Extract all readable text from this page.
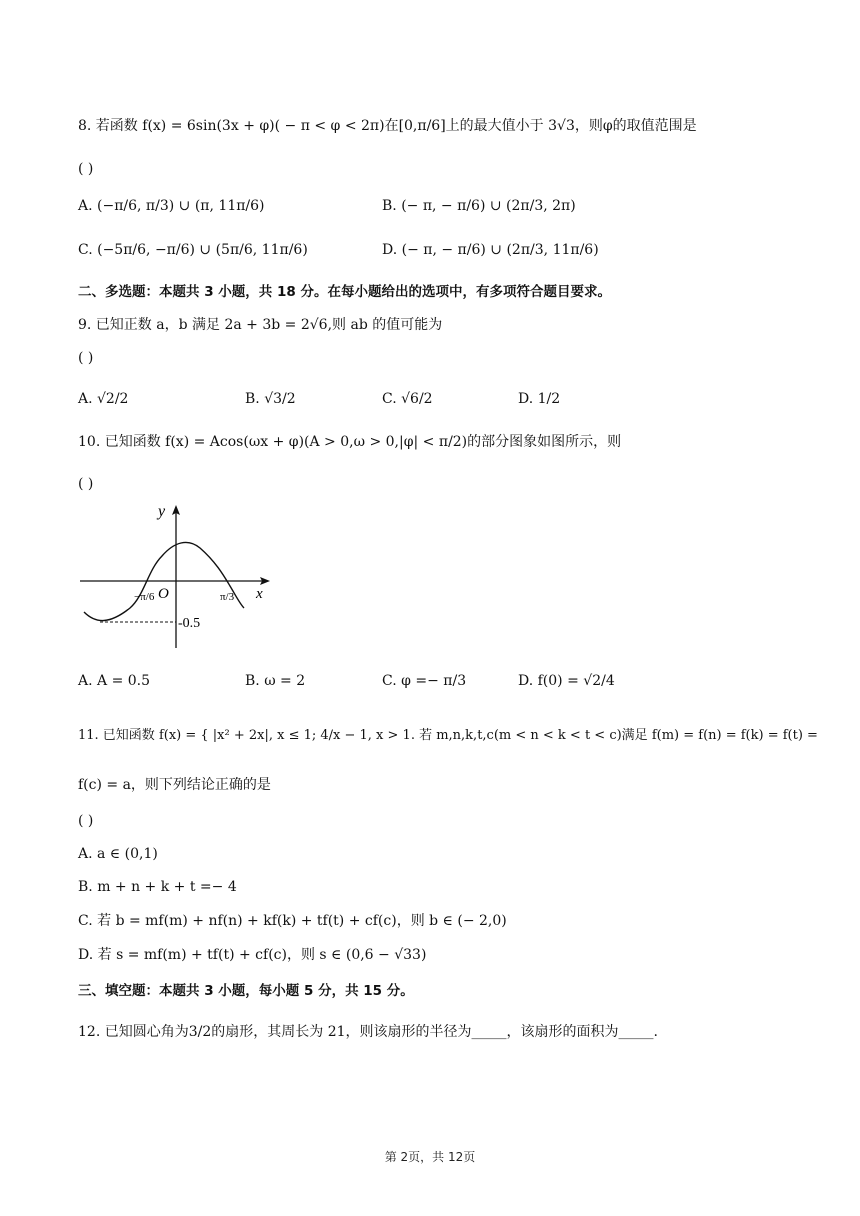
8. 若函数 f(x) = 6sin(3x + φ)( − π < φ < 2π)在[0,π/6]上的最大值小于 3√3，则φ的取值范围是
( )
A. (−π/6, π/3) ∪ (π, 11π/6)	B. (− π, − π/6) ∪ (2π/3, 2π)
C. (−5π/6, −π/6) ∪ (5π/6, 11π/6)	D. (− π, − π/6) ∪ (2π/3, 11π/6)
二、多选题：本题共 3 小题，共 18 分。在每小题给出的选项中，有多项符合题目要求。
9. 已知正数 a，b 满足 2a + 3b = 2√6,则 ab 的值可能为
( )
A. √2/2	B. √3/2	C. √6/2	D. 1/2
10. 已知函数 f(x) = Acos(ωx + φ)(A > 0,ω > 0,|φ| < π/2)的部分图象如图所示，则
( )
y
x
O
−π/6	π/3
-0.5
A. A = 0.5	B. ω = 2	C. φ =− π/3	D. f(0) = √2/4
11. 已知函数 f(x) = { |x² + 2x|, x ≤ 1; 4/x − 1, x > 1. 若 m,n,k,t,c(m < n < k < t < c)满足 f(m) = f(n) = f(k) = f(t) =
f(c) = a，则下列结论正确的是
( )
A. a ∈ (0,1)
B. m + n + k + t =− 4
C. 若 b = mf(m) + nf(n) + kf(k) + tf(t) + cf(c)，则 b ∈ (− 2,0)
D. 若 s = mf(m) + tf(t) + cf(c)，则 s ∈ (0,6 − √33)
三、填空题：本题共 3 小题，每小题 5 分，共 15 分。
12. 已知圆心角为3/2的扇形，其周长为 21，则该扇形的半径为_____，该扇形的面积为_____.
第 2页，共 12页
